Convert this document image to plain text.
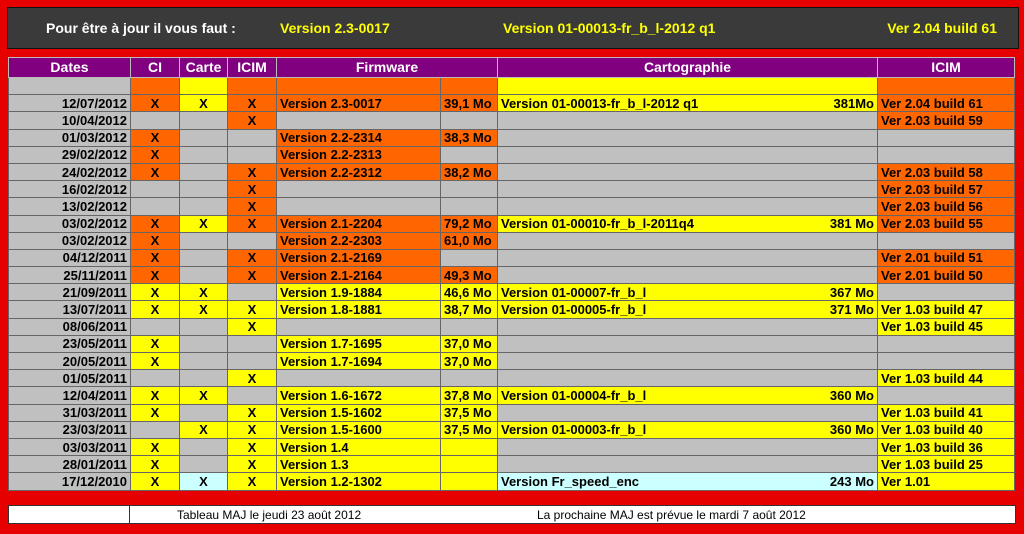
Pour être à jour il vous faut :	Version 2.3-0017	Version 01-00013-fr_b_l-2012 q1	Ver 2.04 build 61
Dates	CI	Carte	ICIM	Firmware		Cartographie	ICIM

12/07/2012	X	X	X	Version 2.3-0017	39,1 Mo	Version 01-00013-fr_b_l-2012 q1 381Mo	Ver 2.04 build 61
10/04/2012			X				Ver 2.03 build 59
01/03/2012	X			Version 2.2-2314	38,3 Mo	

29/02/2012	X			Version 2.2-2313		

24/02/2012	X		X	Version 2.2-2312	38,2 Mo		Ver 2.03 build 58
16/02/2012			X				Ver 2.03 build 57
13/02/2012			X				Ver 2.03 build 56
03/02/2012	X	X	X	Version 2.1-2204	79,2 Mo	Version 01-00010-fr_b_l-2011q4 381 Mo	Ver 2.03 build 55
03/02/2012	X			Version 2.2-2303	61,0 Mo	

04/12/2011	X		X	Version 2.1-2169			Ver 2.01 build 51
25/11/2011	X		X	Version 2.1-2164	49,3 Mo		Ver 2.01 build 50
21/09/2011	X	X		Version 1.9-1884	46,6 Mo	Version 01-00007-fr_b_l 367 Mo	

13/07/2011	X	X	X	Version 1.8-1881	38,7 Mo	Version 01-00005-fr_b_l 371 Mo	Ver 1.03 build 47
08/06/2011			X				Ver 1.03 build 45
23/05/2011	X			Version 1.7-1695	37,0 Mo	

20/05/2011	X			Version 1.7-1694	37,0 Mo	

01/05/2011			X				Ver 1.03 build 44
12/04/2011	X	X		Version 1.6-1672	37,8 Mo	Version 01-00004-fr_b_l 360 Mo	

31/03/2011	X		X	Version 1.5-1602	37,5 Mo		Ver 1.03 build 41
23/03/2011		X	X	Version 1.5-1600	37,5 Mo	Version 01-00003-fr_b_l 360 Mo	Ver 1.03 build 40
03/03/2011	X		X	Version 1.4			Ver 1.03 build 36
28/01/2011	X		X	Version 1.3			Ver 1.03 build 25
17/12/2010	X	X	X	Version 1.2-1302		Version Fr_speed_enc 243 Mo	Ver 1.01
Tableau MAJ le jeudi 23 août 2012	La prochaine MAJ est prévue le mardi 7 août 2012
